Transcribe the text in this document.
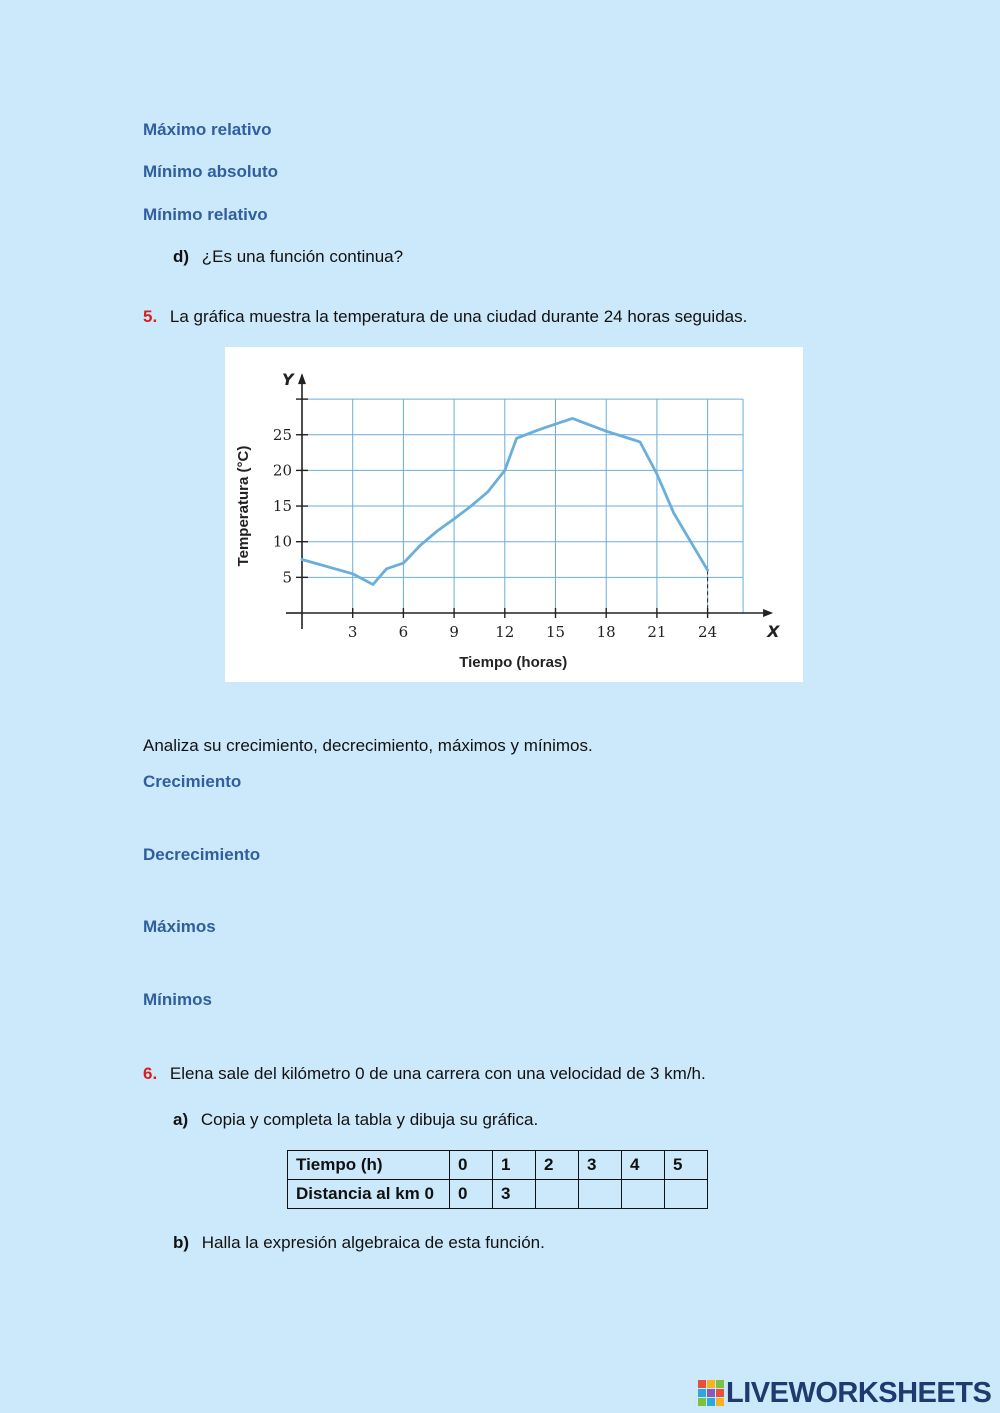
Máximo relativo
Mínimo absoluto
Mínimo relativo
d) ¿Es una función continua?
5. La gráfica muestra la temperatura de una ciudad durante 24 horas seguidas.
3	6	9 12 15 18 21 24
5
10
15
20
25
X
Y
Tiempo (horas)
Temperatura (°C)
Analiza su crecimiento, decrecimiento, máximos y mínimos.
Crecimiento
Decrecimiento
Máximos
Mínimos
6. Elena sale del kilómetro 0 de una carrera con una velocidad de 3 km/h.
a) Copia y completa la tabla y dibuja su gráfica.
Tiempo (h)	0	1	2	3	4	5
Distancia al km 0	0	3				
b) Halla la expresión algebraica de esta función.
LIVEWORKSHEETS
